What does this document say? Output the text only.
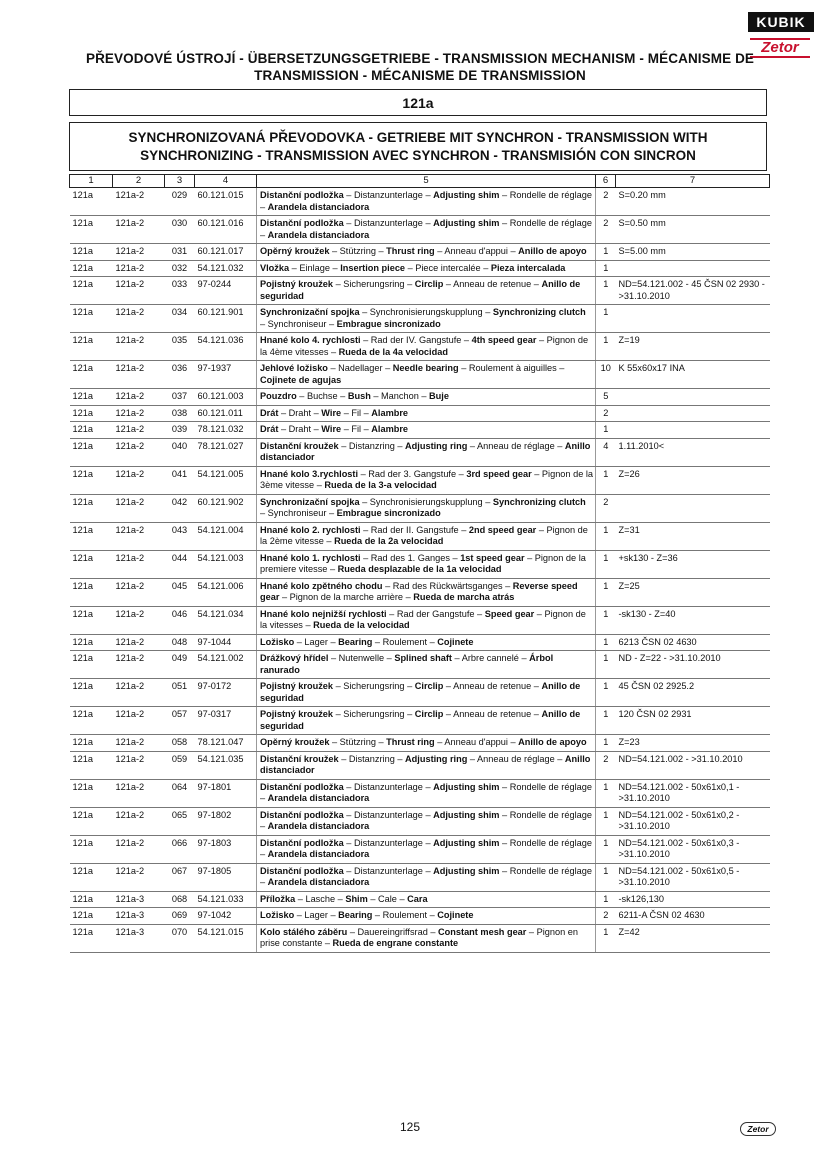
KUBIK
Zetor
PŘEVODOVÉ ÚSTROJÍ - ÜBERSETZUNGSGETRIEBE - TRANSMISSION MECHANISM - MÉCANISME DE
TRANSMISSION - MÉCANISME DE TRANSMISSION
121a
SYNCHRONIZOVANÁ PŘEVODOVKA - GETRIEBE MIT SYNCHRON - TRANSMISSION WITH
SYNCHRONIZING - TRANSMISSION AVEC SYNCHRON - TRANSMISIÓN CON SINCRON
1	2	3	4	5	6	7
121a	121a-2	029	60.121.015	Distanční podložka – Distanzunterlage – Adjusting shim – Rondelle de réglage – Arandela distanciadora	2	S=0.20 mm
121a	121a-2	030	60.121.016	Distanční podložka – Distanzunterlage – Adjusting shim – Rondelle de réglage – Arandela distanciadora	2	S=0.50 mm
121a	121a-2	031	60.121.017	Opěrný kroužek – Stützring – Thrust ring – Anneau d'appui – Anillo de apoyo	1	S=5.00 mm
121a	121a-2	032	54.121.032	Vložka – Einlage – Insertion piece – Piece intercalée – Pieza intercalada	1	
121a	121a-2	033	97-0244	Pojistný kroužek – Sicherungsring – Circlip – Anneau de retenue – Anillo de seguridad	1	ND=54.121.002 - 45 ČSN 02 2930 - >31.10.2010
121a	121a-2	034	60.121.901	Synchronizační spojka – Synchronisierungskupplung – Synchronizing clutch – Synchroniseur – Embrague sincronizado	1	
121a	121a-2	035	54.121.036	Hnané kolo 4. rychlosti – Rad der IV. Gangstufe – 4th speed gear – Pignon de la 4ème vitesses – Rueda de la 4a velocidad	1	Z=19
121a	121a-2	036	97-1937	Jehlové ložisko – Nadellager – Needle bearing – Roulement à aiguilles – Cojinete de agujas	10	K 55x60x17 INA
121a	121a-2	037	60.121.003	Pouzdro – Buchse – Bush – Manchon – Buje	5	
121a	121a-2	038	60.121.011	Drát – Draht – Wire – Fil – Alambre	2	
121a	121a-2	039	78.121.032	Drát – Draht – Wire – Fil – Alambre	1	
121a	121a-2	040	78.121.027	Distanční kroužek – Distanzring – Adjusting ring – Anneau de réglage – Anillo distanciador	4	1.11.2010<
121a	121a-2	041	54.121.005	Hnané kolo 3.rychlosti – Rad der 3. Gangstufe – 3rd speed gear – Pignon de la 3ème vitesse – Rueda de la 3-a velocidad	1	Z=26
121a	121a-2	042	60.121.902	Synchronizační spojka – Synchronisierungskupplung – Synchronizing clutch – Synchroniseur – Embrague sincronizado	2	
121a	121a-2	043	54.121.004	Hnané kolo 2. rychlosti – Rad der II. Gangstufe – 2nd speed gear – Pignon de la 2ème vitesse – Rueda de la 2a velocidad	1	Z=31
121a	121a-2	044	54.121.003	Hnané kolo 1. rychlosti – Rad des 1. Ganges – 1st speed gear – Pignon de la premiere vitesse – Rueda desplazable de la 1a velocidad	1	+sk130 - Z=36
121a	121a-2	045	54.121.006	Hnané kolo zpětného chodu – Rad des Rückwärtsganges – Reverse speed gear – Pignon de la marche arrière – Rueda de marcha atrás	1	Z=25
121a	121a-2	046	54.121.034	Hnané kolo nejnižší rychlosti – Rad der Gangstufe – Speed gear – Pignon de la vitesses – Rueda de la velocidad	1	-sk130 - Z=40
121a	121a-2	048	97-1044	Ložisko – Lager – Bearing – Roulement – Cojinete	1	6213 ČSN 02 4630
121a	121a-2	049	54.121.002	Drážkový hřídel – Nutenwelle – Splined shaft – Arbre cannelé – Árbol ranurado	1	ND - Z=22 - >31.10.2010
121a	121a-2	051	97-0172	Pojistný kroužek – Sicherungsring – Circlip – Anneau de retenue – Anillo de seguridad	1	45 ČSN 02 2925.2
121a	121a-2	057	97-0317	Pojistný kroužek – Sicherungsring – Circlip – Anneau de retenue – Anillo de seguridad	1	120 ČSN 02 2931
121a	121a-2	058	78.121.047	Opěrný kroužek – Stützring – Thrust ring – Anneau d'appui – Anillo de apoyo	1	Z=23
121a	121a-2	059	54.121.035	Distanční kroužek – Distanzring – Adjusting ring – Anneau de réglage – Anillo distanciador	2	ND=54.121.002 - >31.10.2010
121a	121a-2	064	97-1801	Distanční podložka – Distanzunterlage – Adjusting shim – Rondelle de réglage – Arandela distanciadora	1	ND=54.121.002 - 50x61x0,1 - >31.10.2010
121a	121a-2	065	97-1802	Distanční podložka – Distanzunterlage – Adjusting shim – Rondelle de réglage – Arandela distanciadora	1	ND=54.121.002 - 50x61x0,2 - >31.10.2010
121a	121a-2	066	97-1803	Distanční podložka – Distanzunterlage – Adjusting shim – Rondelle de réglage – Arandela distanciadora	1	ND=54.121.002 - 50x61x0,3 - >31.10.2010
121a	121a-2	067	97-1805	Distanční podložka – Distanzunterlage – Adjusting shim – Rondelle de réglage – Arandela distanciadora	1	ND=54.121.002 - 50x61x0,5 - >31.10.2010
121a	121a-3	068	54.121.033	Příložka – Lasche – Shim – Cale – Cara	1	-sk126,130
121a	121a-3	069	97-1042	Ložisko – Lager – Bearing – Roulement – Cojinete	2	6211-A ČSN 02 4630
121a	121a-3	070	54.121.015	Kolo stálého záběru – Dauereingriffsrad – Constant mesh gear – Pignon en prise constante – Rueda de engrane constante	1	Z=42
125	Zetor
